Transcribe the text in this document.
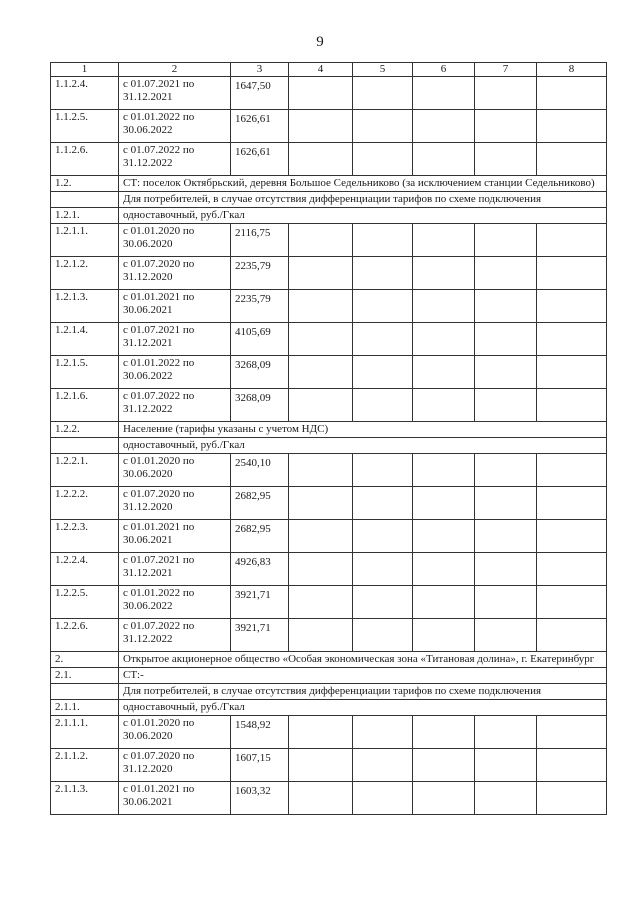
9
1	2	3	4	5	6	7	8
1.1.2.4.	с 01.07.2021 по 31.12.2021	1647,50					
1.1.2.5.	с 01.01.2022 по 30.06.2022	1626,61					
1.1.2.6.	с 01.07.2022 по 31.12.2022	1626,61					
1.2.	СТ: поселок Октябрьский, деревня Большое Седельниково (за исключением станции Седельниково)						
	Для потребителей, в случае отсутствия дифференциации тарифов по схеме подключения						
1.2.1.	одноставочный, руб./Гкал						
1.2.1.1.	с 01.01.2020 по 30.06.2020	2116,75					
1.2.1.2.	с 01.07.2020 по 31.12.2020	2235,79					
1.2.1.3.	с 01.01.2021 по 30.06.2021	2235,79					
1.2.1.4.	с 01.07.2021 по 31.12.2021	4105,69					
1.2.1.5.	с 01.01.2022 по 30.06.2022	3268,09					
1.2.1.6.	с 01.07.2022 по 31.12.2022	3268,09					
1.2.2.	Население (тарифы указаны с учетом НДС)						
	одноставочный, руб./Гкал						
1.2.2.1.	с 01.01.2020 по 30.06.2020	2540,10					
1.2.2.2.	с 01.07.2020 по 31.12.2020	2682,95					
1.2.2.3.	с 01.01.2021 по 30.06.2021	2682,95					
1.2.2.4.	с 01.07.2021 по 31.12.2021	4926,83					
1.2.2.5.	с 01.01.2022 по 30.06.2022	3921,71					
1.2.2.6.	с 01.07.2022 по 31.12.2022	3921,71					
2.	Открытое акционерное общество «Особая экономическая зона «Титановая долина», г. Екатеринбург						
2.1.	СТ:-						
	Для потребителей, в случае отсутствия дифференциации тарифов по схеме подключения						
2.1.1.	одноставочный, руб./Гкал						
2.1.1.1.	с 01.01.2020 по 30.06.2020	1548,92					
2.1.1.2.	с 01.07.2020 по 31.12.2020	1607,15					
2.1.1.3.	с 01.01.2021 по 30.06.2021	1603,32					
